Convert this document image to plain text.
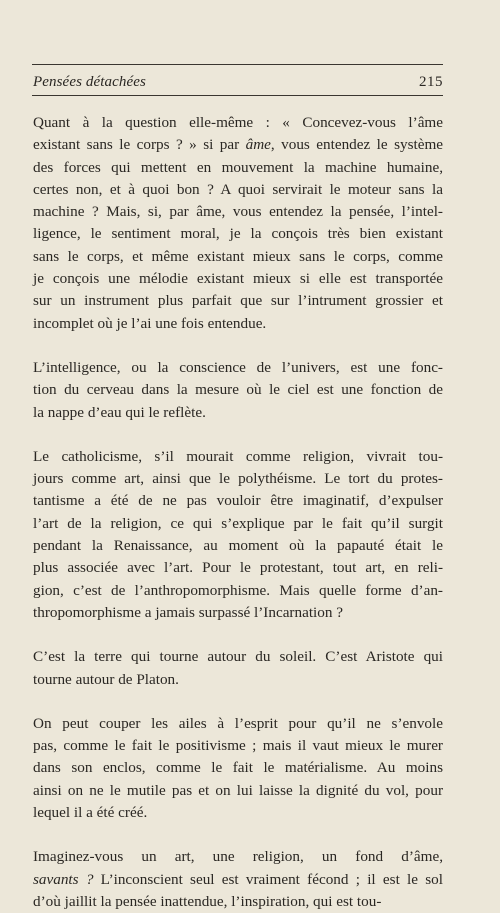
Pensées détachées	215
Quant à la question elle-même : « Concevez-vous l’âme
existant sans le corps ? » si par âme, vous entendez le système
des forces qui mettent en mouvement la machine humaine,
certes non, et à quoi bon ? A quoi servirait le moteur sans la
machine ? Mais, si, par âme, vous entendez la pensée, l’intel-
ligence, le sentiment moral, je la conçois très bien existant
sans le corps, et même existant mieux sans le corps, comme
je conçois une mélodie existant mieux si elle est transportée
sur un instrument plus parfait que sur l’intrument grossier et
incomplet où je l’ai une fois entendue.
L’intelligence, ou la conscience de l’univers, est une fonc-
tion du cerveau dans la mesure où le ciel est une fonction de
la nappe d’eau qui le reflète.
Le catholicisme, s’il mourait comme religion, vivrait tou-
jours comme art, ainsi que le polythéisme. Le tort du protes-
tantisme a été de ne pas vouloir être imaginatif, d’expulser
l’art de la religion, ce qui s’explique par le fait qu’il surgit
pendant la Renaissance, au moment où la papauté était le
plus associée avec l’art. Pour le protestant, tout art, en reli-
gion, c’est de l’anthropomorphisme. Mais quelle forme d’an-
thropomorphisme a jamais surpassé l’Incarnation ?
C’est la terre qui tourne autour du soleil. C’est Aristote qui
tourne autour de Platon.
On peut couper les ailes à l’esprit pour qu’il ne s’envole
pas, comme le fait le positivisme ; mais il vaut mieux le murer
dans son enclos, comme le fait le matérialisme. Au moins
ainsi on ne le mutile pas et on lui laisse la dignité du vol, pour
lequel il a été créé.
Imaginez-vous un art, une religion, un fond d’âme,
savants ? L’inconscient seul est vraiment fécond ; il est le sol
d’où jaillit la pensée inattendue, l’inspiration, qui est tou-
